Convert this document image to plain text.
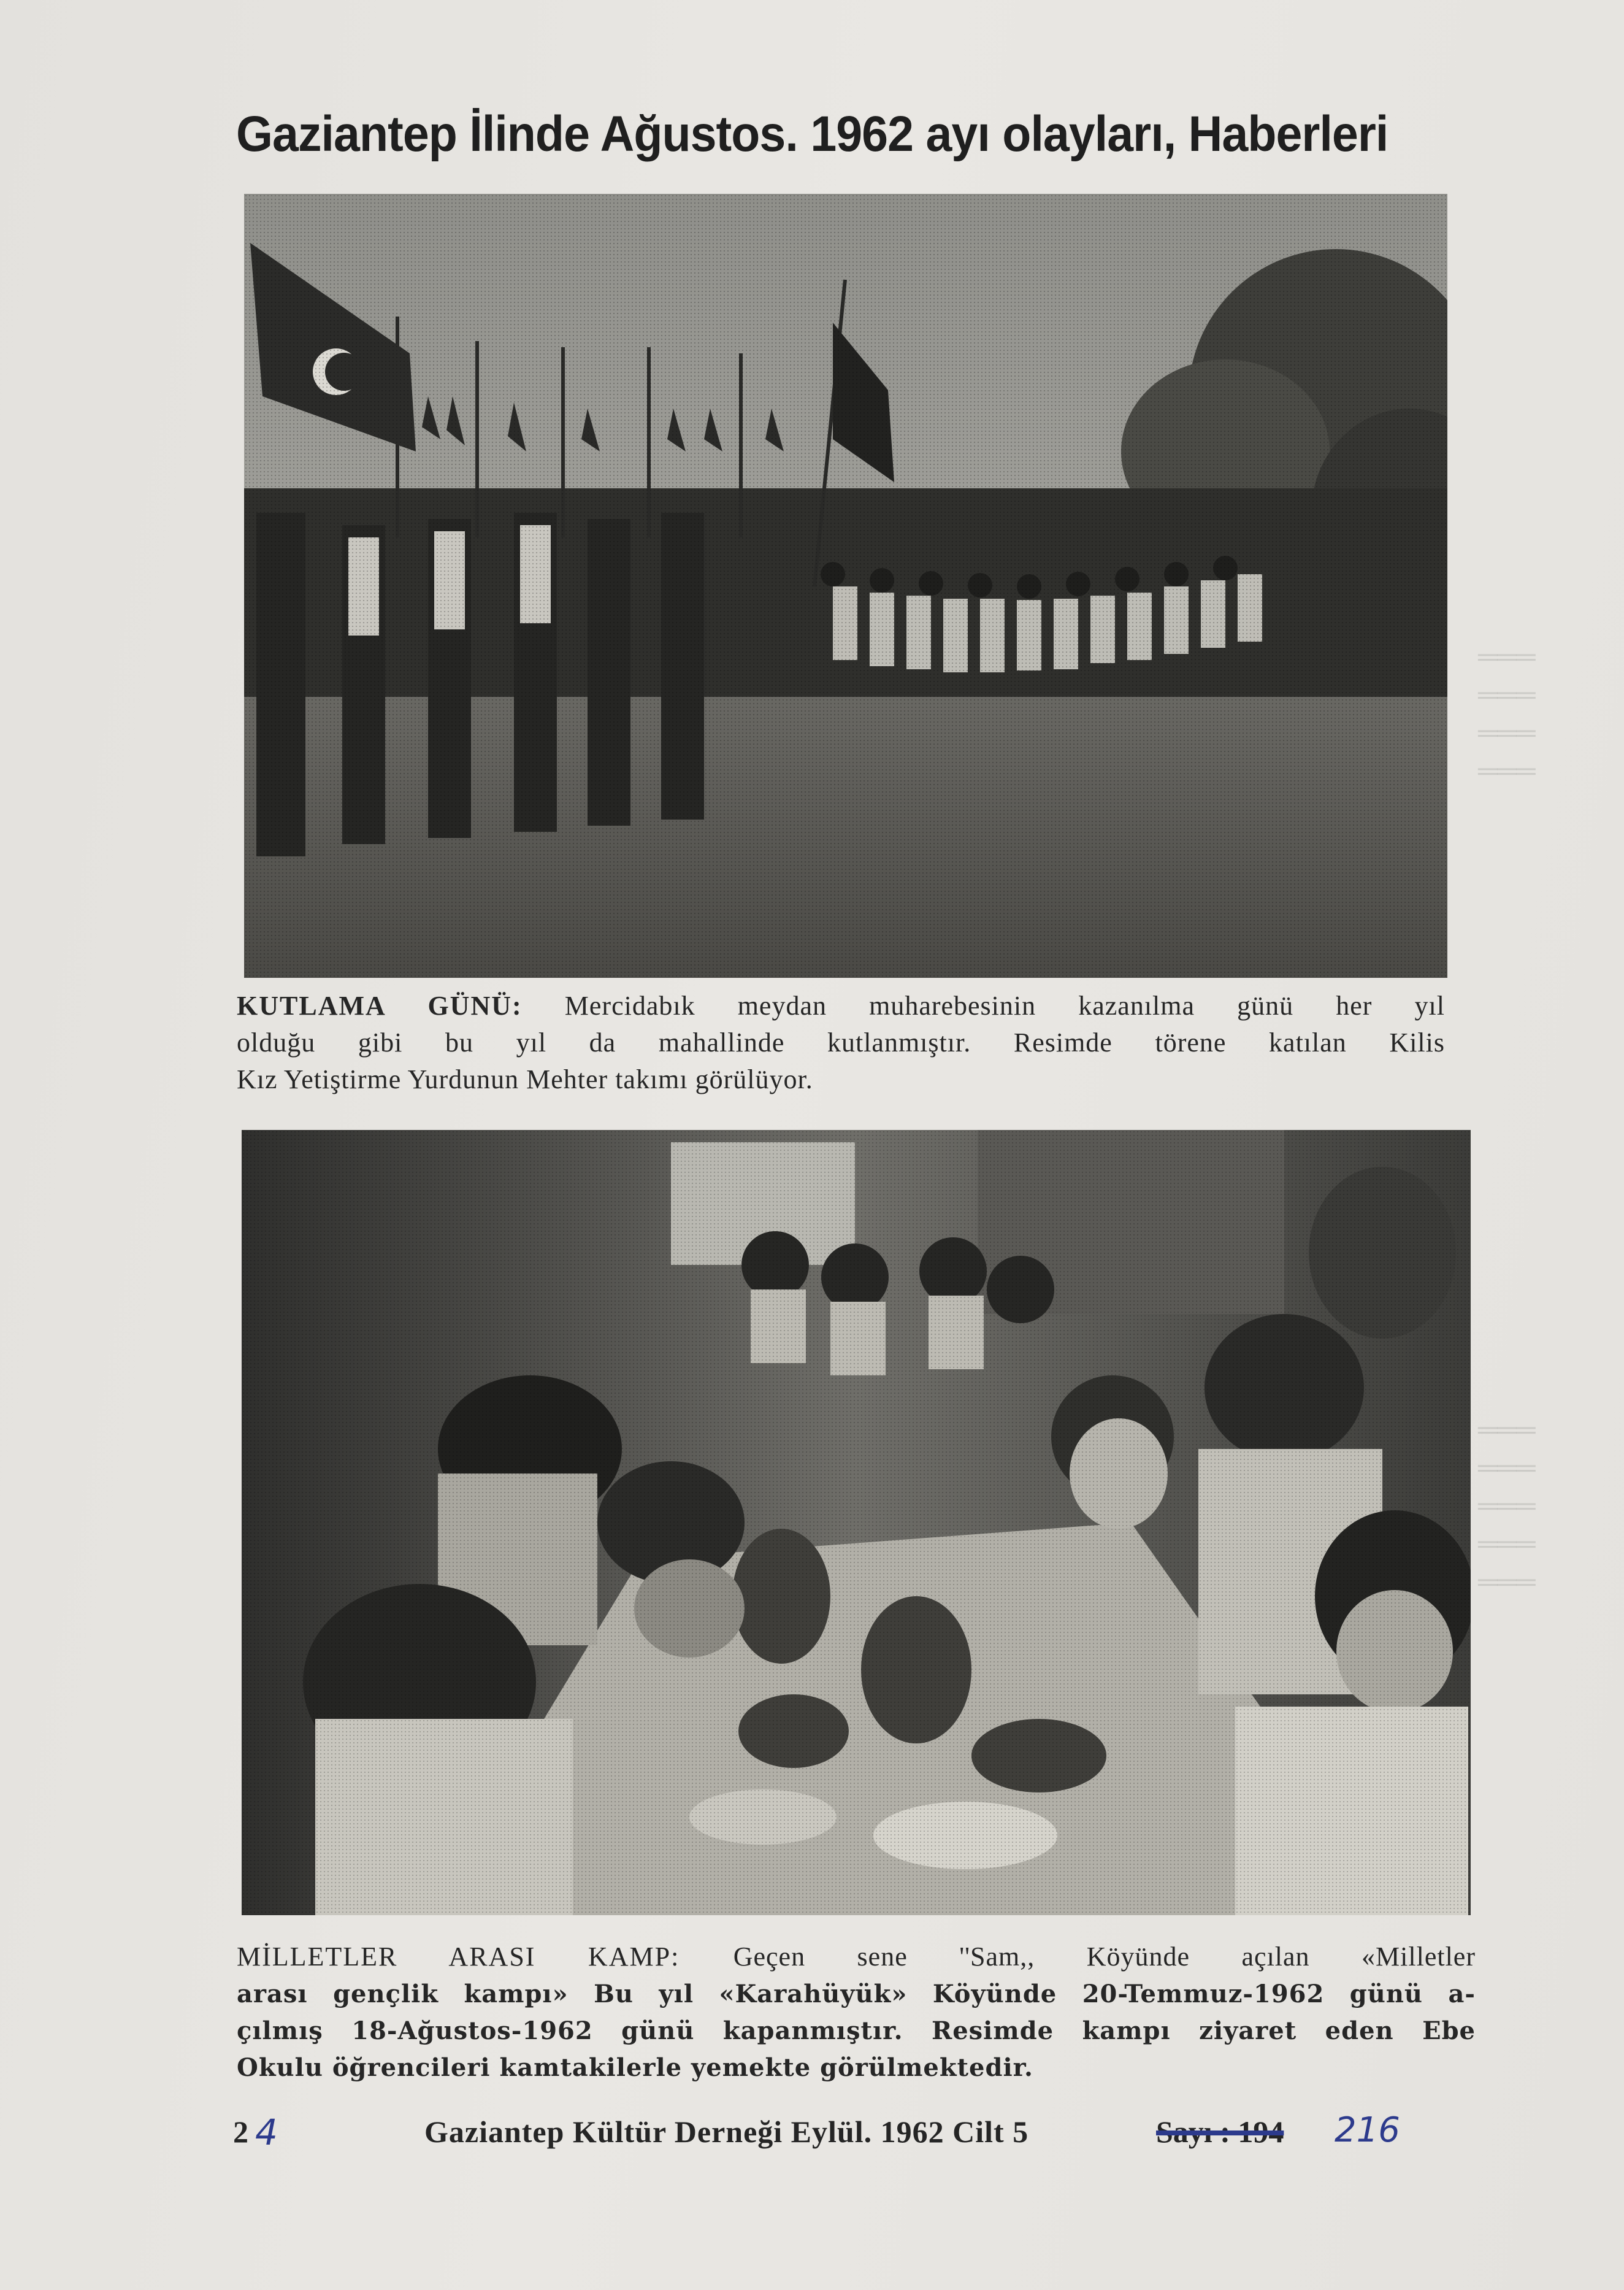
═══
═══
═══
═══
═══
═══
═══
═══
═══
Gaziantep İlinde Ağustos. 1962 ayı olayları, Haberleri
KUTLAMA GÜNÜ: Mercidabık meydan muharebesinin kazanılma günü her yıl
olduğu gibi bu yıl da mahallinde kutlanmıştır. Resimde törene katılan Kilis
Kız Yetiştirme Yurdunun Mehter takımı görülüyor.
MİLLETLER ARASI KAMP: Geçen sene ''Sam,, Köyünde açılan «Milletler
arası gençlik kampı» Bu yıl «Karahüyük» Köyünde 20-Temmuz-1962 günü a-
çılmış 18-Ağustos-1962 günü kapanmıştır. Resimde kampı ziyaret eden Ebe
Okulu öğrencileri kamtakilerle yemekte görülmektedir.
2 4	Gaziantep Kültür Derneği Eylül. 1962 Cilt 5	Sayı : 194 216
